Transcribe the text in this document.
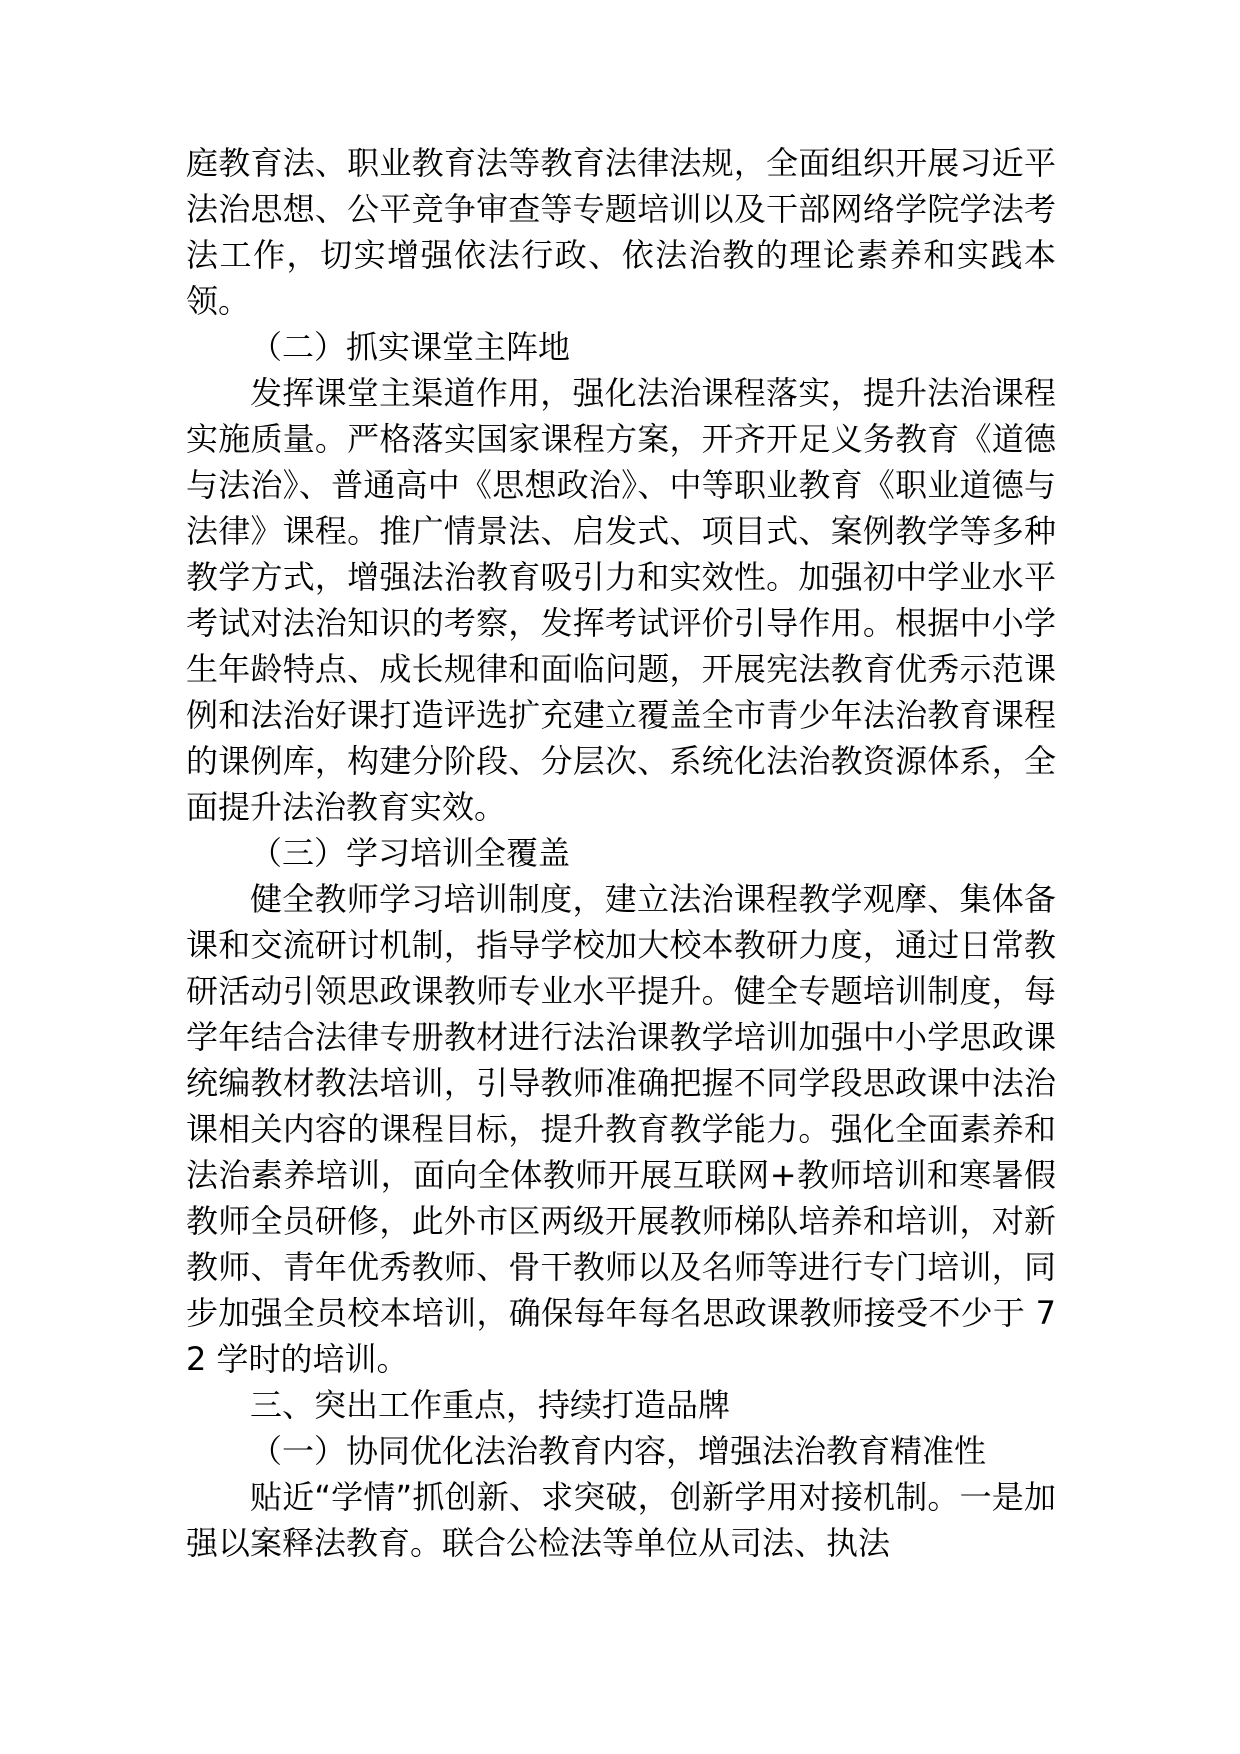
庭教育法、职业教育法等教育法律法规，全面组织开展习近平法治思想、公平竞争审查等专题培训以及干部网络学院学法考法工作，切实增强依法行政、依法治教的理论素养和实践本领。

（二）抓实课堂主阵地

发挥课堂主渠道作用，强化法治课程落实，提升法治课程实施质量。严格落实国家课程方案，开齐开足义务教育《道德与法治》、普通高中《思想政治》、中等职业教育《职业道德与法律》课程。推广情景法、启发式、项目式、案例教学等多种教学方式，增强法治教育吸引力和实效性。加强初中学业水平考试对法治知识的考察，发挥考试评价引导作用。根据中小学生年龄特点、成长规律和面临问题，开展宪法教育优秀示范课例和法治好课打造评选扩充建立覆盖全市青少年法治教育课程的课例库，构建分阶段、分层次、系统化法治教资源体系，全面提升法治教育实效。

（三）学习培训全覆盖

健全教师学习培训制度，建立法治课程教学观摩、集体备课和交流研讨机制，指导学校加大校本教研力度，通过日常教研活动引领思政课教师专业水平提升。健全专题培训制度，每学年结合法律专册教材进行法治课教学培训加强中小学思政课统编教材教法培训，引导教师准确把握不同学段思政课中法治课相关内容的课程目标，提升教育教学能力。强化全面素养和法治素养培训，面向全体教师开展互联网+教师培训和寒暑假教师全员研修，此外市区两级开展教师梯队培养和培训，对新教师、青年优秀教师、骨干教师以及名师等进行专门培训，同步加强全员校本培训，确保每年每名思政课教师接受不少于 72 学时的培训。

三、突出工作重点，持续打造品牌

（一）协同优化法治教育内容，增强法治教育精准性

贴近“学情”抓创新、求突破，创新学用对接机制。一是加强以案释法教育。联合公检法等单位从司法、执法
